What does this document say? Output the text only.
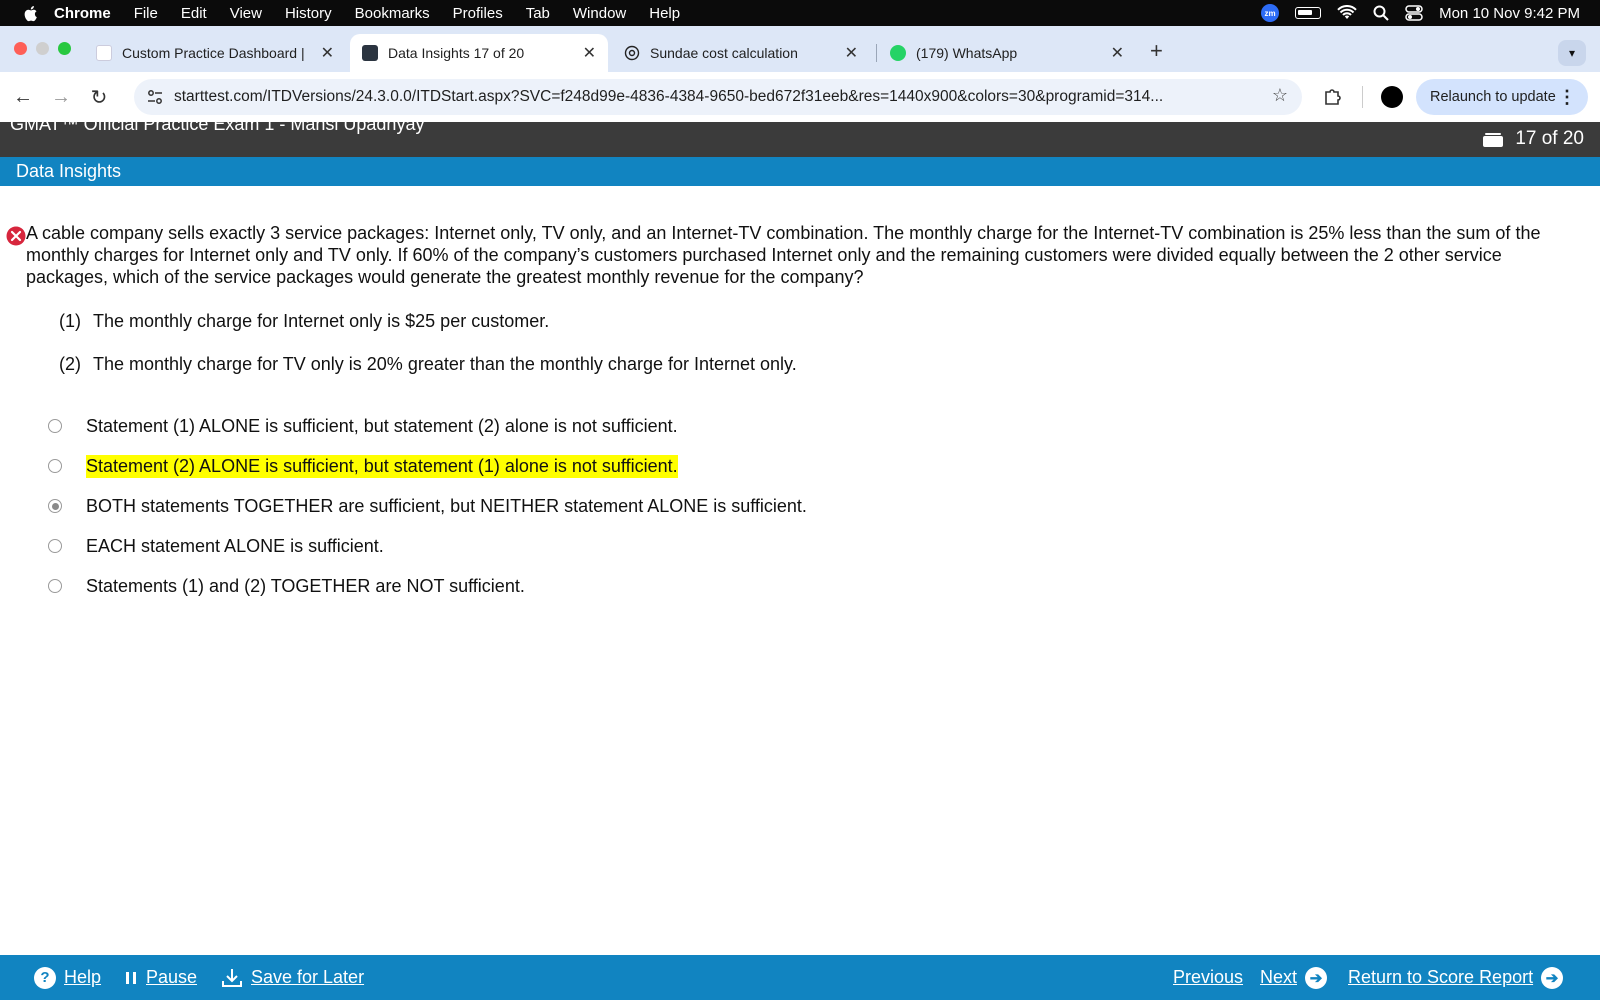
Chrome File Edit View History Bookmarks Profiles Tab Window Help	zm	Mon 10 Nov 9:42 PM
Custom Practice Dashboard | ✕	Data Insights 17 of 20	✕	Sundae cost calculation	✕	(179) WhatsApp	✕ +	▾
← → ↻	starttest.com/ITDVersions/24.3.0.0/ITDStart.aspx?SVC=f248d99e-4836-4384-9650-bed672f31eeb&res=1440x900&colors=30&programid=314...	☆	Relaunch to update ⋮
GMAT™ Official Practice Exam 1 - Mansi Upadhyay
17 of 20
Data Insights

A cable company sells exactly 3 service packages: Internet only, TV only, and an Internet-TV combination. The monthly charge for the Internet-TV combination is 25% less than the sum of the monthly charges for Internet only and TV only. If 60% of the company’s customers purchased Internet only and the remaining customers were divided equally between the 2 other service packages, which of the service packages would generate the greatest monthly revenue for the company?

(1) The monthly charge for Internet only is $25 per customer.
(2) The monthly charge for TV only is 20% greater than the monthly charge for Internet only.
Statement (1) ALONE is sufficient, but statement (2) alone is not sufficient.
Statement (2) ALONE is sufficient, but statement (1) alone is not sufficient.
BOTH statements TOGETHER are sufficient, but NEITHER statement ALONE is sufficient.
EACH statement ALONE is sufficient.
Statements (1) and (2) TOGETHER are NOT sufficient.
? Help Pause	Save for Later	Previous Next ➔ Return to Score Report ➔
